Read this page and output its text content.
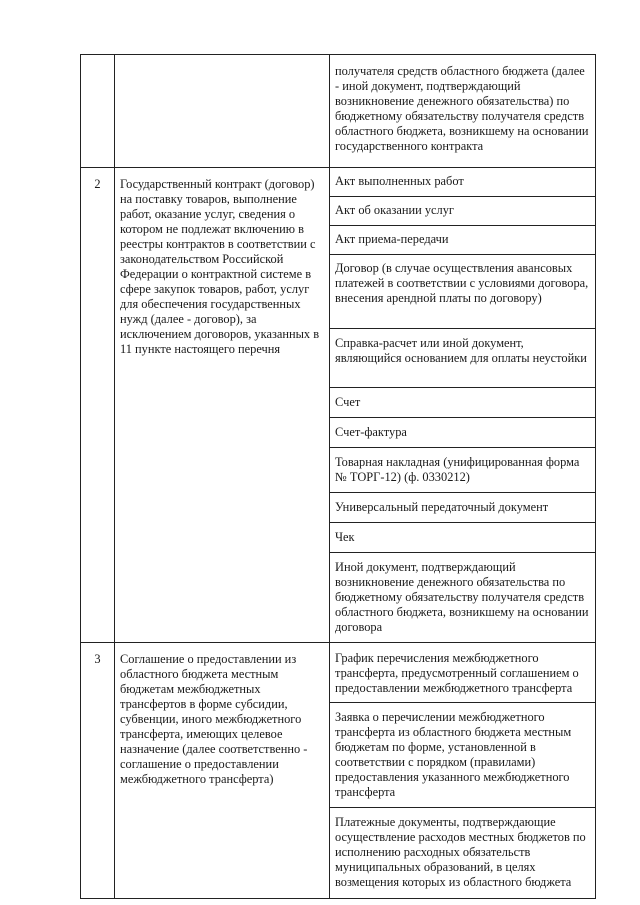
		получателя средств областного бюджета (далее - иной документ, подтверждающий возникновение денежного обязательства) по бюджетному обязательству получателя средств областного бюджета, возникшему на основании государственного контракта
2	Государственный контракт (договор) на поставку товаров, выполнение работ, оказание услуг, сведения о котором не подлежат включению в реестры контрактов в соответствии с законодательством Российской Федерации о контрактной системе в сфере закупок товаров, работ, услуг для обеспечения государственных нужд (далее - договор), за исключением договоров, указанных в 11 пункте настоящего перечня	Акт выполненных работ
		Акт об оказании услуг
		Акт приема-передачи
		Договор (в случае осуществления авансовых платежей в соответствии с условиями договора, внесения арендной платы по договору)
		Справка-расчет или иной документ, являющийся основанием для оплаты неустойки
		Счет
		Счет-фактура
		Товарная накладная (унифицированная форма № ТОРГ-12) (ф. 0330212)
		Универсальный передаточный документ
		Чек
		Иной документ, подтверждающий возникновение денежного обязательства по бюджетному обязательству получателя средств областного бюджета, возникшему на основании договора
3	Соглашение о предоставлении из областного бюджета местным бюджетам межбюджетных трансфертов в форме субсидии, субвенции, иного межбюджетного трансферта, имеющих целевое назначение (далее соответственно - соглашение о предоставлении межбюджетного трансферта)	График перечисления межбюджетного трансферта, предусмотренный соглашением о предоставлении межбюджетного трансферта
		Заявка о перечислении межбюджетного трансферта из областного бюджета местным бюджетам по форме, установленной в соответствии с порядком (правилами) предоставления указанного межбюджетного трансферта
		Платежные документы, подтверждающие осуществление расходов местных бюджетов по исполнению расходных обязательств муниципальных образований, в целях возмещения которых из областного бюджета
